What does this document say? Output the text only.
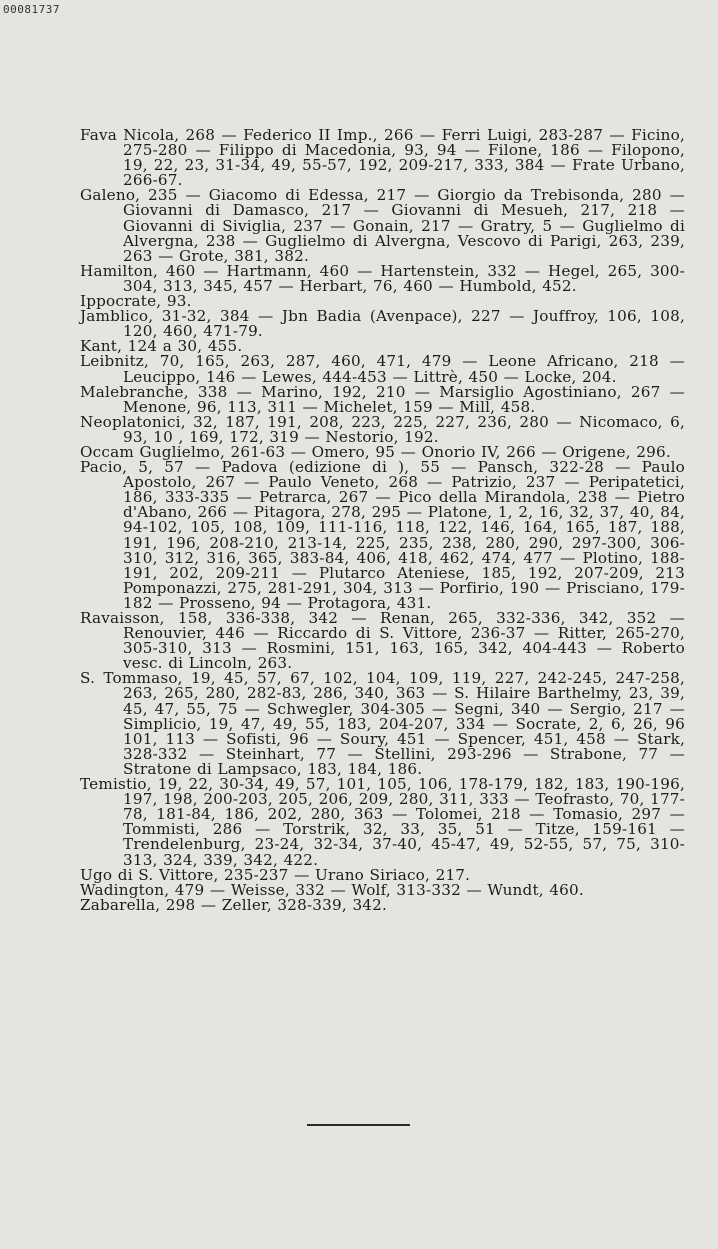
00081737

Fava Nicola, 268 — Federico II Imp., 266 — Ferri Luigi, 283-287 — Ficino, 275-280 — Filippo di Macedonia, 93, 94 — Filone, 186 — Filopono, 19, 22, 23, 31-34, 49, 55-57, 192, 209-217, 333, 384 — Frate Urbano, 266-67.

Galeno, 235 — Giacomo di Edessa, 217 — Giorgio da Trebisonda, 280 — Giovanni di Damasco, 217 — Giovanni di Mesueh, 217, 218 — Giovanni di Siviglia, 237 — Gonain, 217 — Gratry, 5 — Guglielmo di Alvergna, 238 — Guglielmo di Alvergna, Vescovo di Parigi, 263, 239, 263 — Grote, 381, 382.

Hamilton, 460 — Hartmann, 460 — Hartenstein, 332 — Hegel, 265, 300-304, 313, 345, 457 — Herbart, 76, 460 — Humbold, 452.

Ippocrate, 93.

Jamblico, 31-32, 384 — Jbn Badia (Avenpace), 227 — Jouffroy, 106, 108, 120, 460, 471-79.

Kant, 124 a 30, 455.

Leibnitz, 70, 165, 263, 287, 460, 471, 479 — Leone Africano, 218 — Leucippo, 146 — Lewes, 444-453 — Littrè, 450 — Locke, 204.

Malebranche, 338 — Marino, 192, 210 — Marsiglio Agostiniano, 267 — Menone, 96, 113, 311 — Michelet, 159 — Mill, 458.

Neoplatonici, 32, 187, 191, 208, 223, 225, 227, 236, 280 — Nicomaco, 6, 93, 10 , 169, 172, 319 — Nestorio, 192.

Occam Guglielmo, 261-63 — Omero, 95 — Onorio IV, 266 — Origene, 296.

Pacio, 5, 57 — Padova (edizione di ), 55 — Pansch, 322-28 — Paulo Apostolo, 267 — Paulo Veneto, 268 — Patrizio, 237 — Peripatetici, 186, 333-335 — Petrarca, 267 — Pico della Mirandola, 238 — Pietro d'Abano, 266 — Pitagora, 278, 295 — Platone, 1, 2, 16, 32, 37, 40, 84, 94-102, 105, 108, 109, 111-116, 118, 122, 146, 164, 165, 187, 188, 191, 196, 208-210, 213-14, 225, 235, 238, 280, 290, 297-300, 306-310, 312, 316, 365, 383-84, 406, 418, 462, 474, 477 — Plotino, 188-191, 202, 209-211 — Plutarco Ateniese, 185, 192, 207-209, 213 Pomponazzi, 275, 281-291, 304, 313 — Porfirio, 190 — Prisciano, 179-182 — Prosseno, 94 — Protagora, 431.

Ravaisson, 158, 336-338, 342 — Renan, 265, 332-336, 342, 352 — Renouvier, 446 — Riccardo di S. Vittore, 236-37 — Ritter, 265-270, 305-310, 313 — Rosmini, 151, 163, 165, 342, 404-443 — Roberto vesc. di Lincoln, 263.

S. Tommaso, 19, 45, 57, 67, 102, 104, 109, 119, 227, 242-245, 247-258, 263, 265, 280, 282-83, 286, 340, 363 — S. Hilaire Barthelmy, 23, 39, 45, 47, 55, 75 — Schwegler, 304-305 — Segni, 340 — Sergio, 217 — Simplicio, 19, 47, 49, 55, 183, 204-207, 334 — Socrate, 2, 6, 26, 96 101, 113 — Sofisti, 96 — Soury, 451 — Spencer, 451, 458 — Stark, 328-332 — Steinhart, 77 — Stellini, 293-296 — Strabone, 77 — Stratone di Lampsaco, 183, 184, 186.

Temistio, 19, 22, 30-34, 49, 57, 101, 105, 106, 178-179, 182, 183, 190-196, 197, 198, 200-203, 205, 206, 209, 280, 311, 333 — Teofrasto, 70, 177-78, 181-84, 186, 202, 280, 363 — Tolomei, 218 — Tomasio, 297 — Tommisti, 286 — Torstrik, 32, 33, 35, 51 — Titze, 159-161 — Trendelenburg, 23-24, 32-34, 37-40, 45-47, 49, 52-55, 57, 75, 310-313, 324, 339, 342, 422.

Ugo di S. Vittore, 235-237 — Urano Siriaco, 217.

Wadington, 479 — Weisse, 332 — Wolf, 313-332 — Wundt, 460.

Zabarella, 298 — Zeller, 328-339, 342.
